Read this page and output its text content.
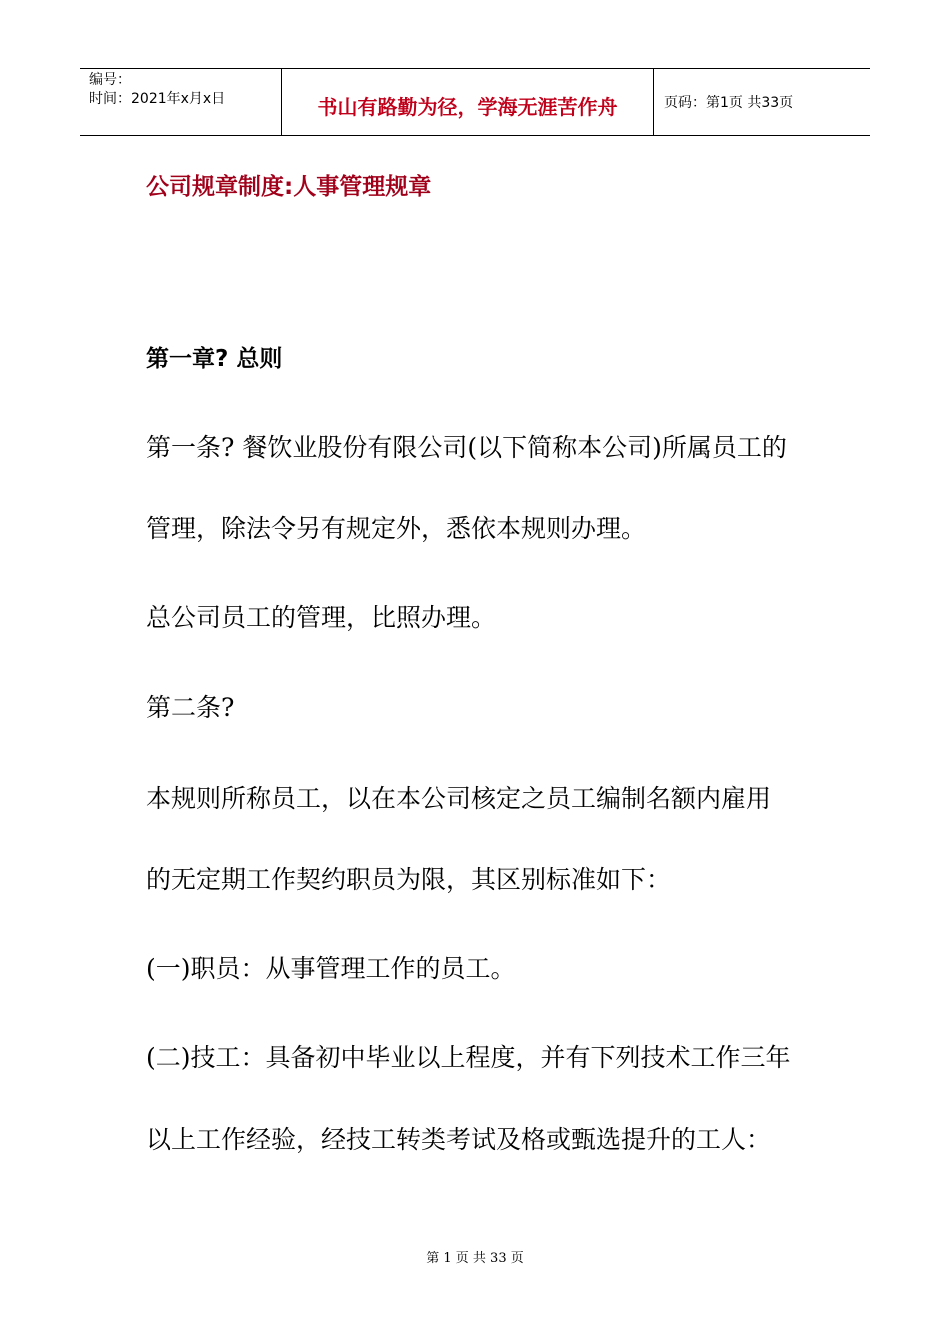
编号：
时间：2021年x月x日	书山有路勤为径，学海无涯苦作舟	页码：第1页 共33页
公司规章制度:人事管理规章
第一章? 总则

第一条? 餐饮业股份有限公司(以下简称本公司)所属员工的

管理，除法令另有规定外，悉依本规则办理。

总公司员工的管理，比照办理。

第二条?

本规则所称员工，以在本公司核定之员工编制名额内雇用

的无定期工作契约职员为限，其区别标准如下：

(一)职员：从事管理工作的员工。

(二)技工：具备初中毕业以上程度，并有下列技术工作三年

以上工作经验，经技工转类考试及格或甄选提升的工人：

第 1 页 共 33 页
